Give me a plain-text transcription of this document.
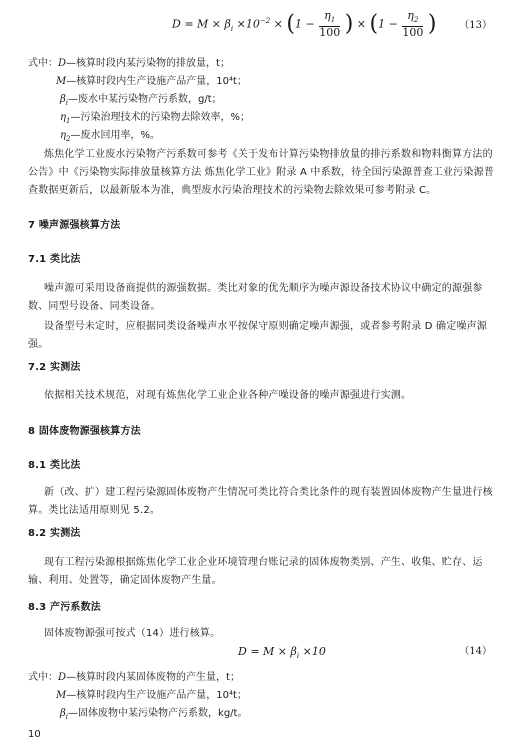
$D = M \times \beta_i \times 10^{-2} \times (1 - \frac{\eta_1}{100}$ ) × ($1 - \frac{\eta_2}{100}$ ) （13）
式中：D—核算时段内某污染物的排放量，t；
M—核算时段内生产设施产品产量，10⁴t；
$\beta_i—$废水中某污染物产污系数，g/t；
$\eta_1—$污染治理技术的污染物去除效率，%；
$\eta_2—$废水回用率，%。
炼焦化学工业废水污染物产污系数可参考《关于发布计算污染物排放量的排污系数和物料衡算方法的公告》中《污染物实际排放量核算方法 炼焦化学工业》附录 A 中系数，待全国污染源普查工业污染源普查数据更新后，以最新版本为准，典型废水污染治理技术的污染物去除效果可参考附录 C。
7 噪声源强核算方法
7.1 类比法
噪声源可采用设备商提供的源强数据。类比对象的优先顺序为噪声源设备技术协议中确定的源强参数、同型号设备、同类设备。
设备型号未定时，应根据同类设备噪声水平按保守原则确定噪声源强，或者参考附录 D 确定噪声源强。
7.2 实测法
依据相关技术规范，对现有炼焦化学工业企业各种产噪设备的噪声源强进行实测。
8 固体废物源强核算方法
8.1 类比法
新（改、扩）建工程污染源固体废物产生情况可类比符合类比条件的现有装置固体废物产生量进行核算。类比法适用原则见 5.2。
8.2 实测法
现有工程污染源根据炼焦化学工业企业环境管理台账记录的固体废物类别、产生、收集、贮存、运输、利用、处置等，确定固体废物产生量。
8.3 产污系数法
固体废物源强可按式（14）进行核算。
$D = M \times \beta_i \times 10$	（14）
式中：D—核算时段内某固体废物的产生量，t；
M—核算时段内生产设施产品产量，10⁴t；
$\beta_i—$固体废物中某污染物产污系数，kg/t。
10
